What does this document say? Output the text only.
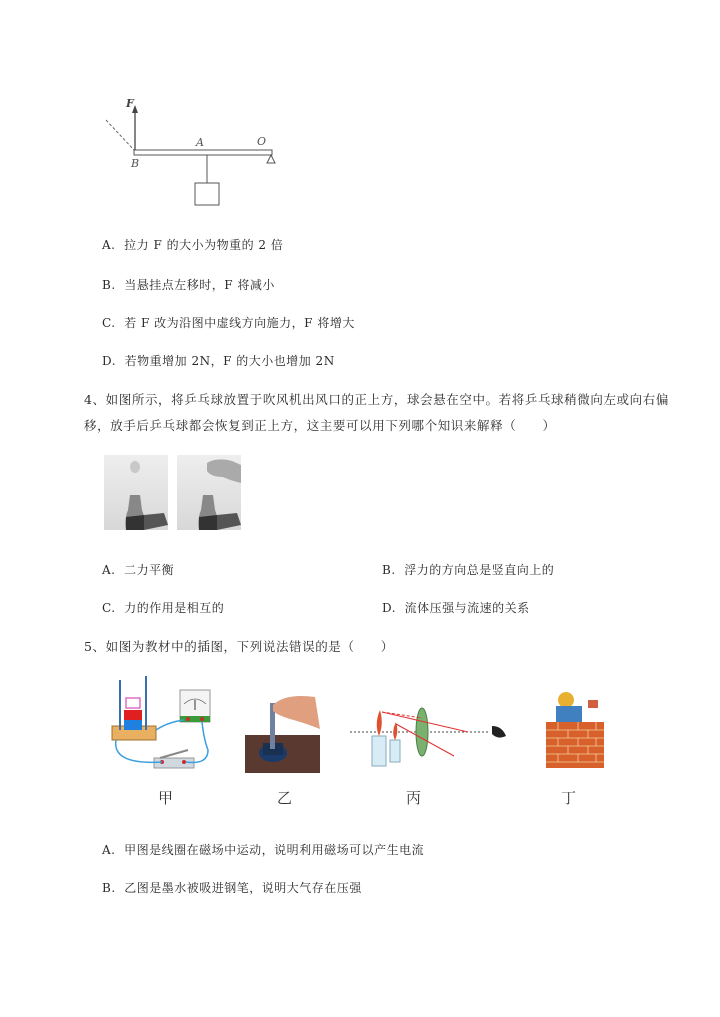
F
B
A	O
A. 拉力 F 的大小为物重的 2 倍
B. 当悬挂点左移时，F 将减小
C. 若 F 改为沿图中虚线方向施力，F 将增大
D. 若物重增加 2N，F 的大小也增加 2N
4、如图所示，将乒乓球放置于吹风机出风口的正上方，球会悬在空中。若将乒乓球稍微向左或向右偏
移，放手后乒乓球都会恢复到正上方，这主要可以用下列哪个知识来解释（　　）
A. 二力平衡	B. 浮力的方向总是竖直向上的
C. 力的作用是相互的	D. 流体压强与流速的关系
5、如图为教材中的插图，下列说法错误的是（　　）
甲	乙	丙	丁
A. 甲图是线圈在磁场中运动，说明利用磁场可以产生电流
B. 乙图是墨水被吸进钢笔，说明大气存在压强
